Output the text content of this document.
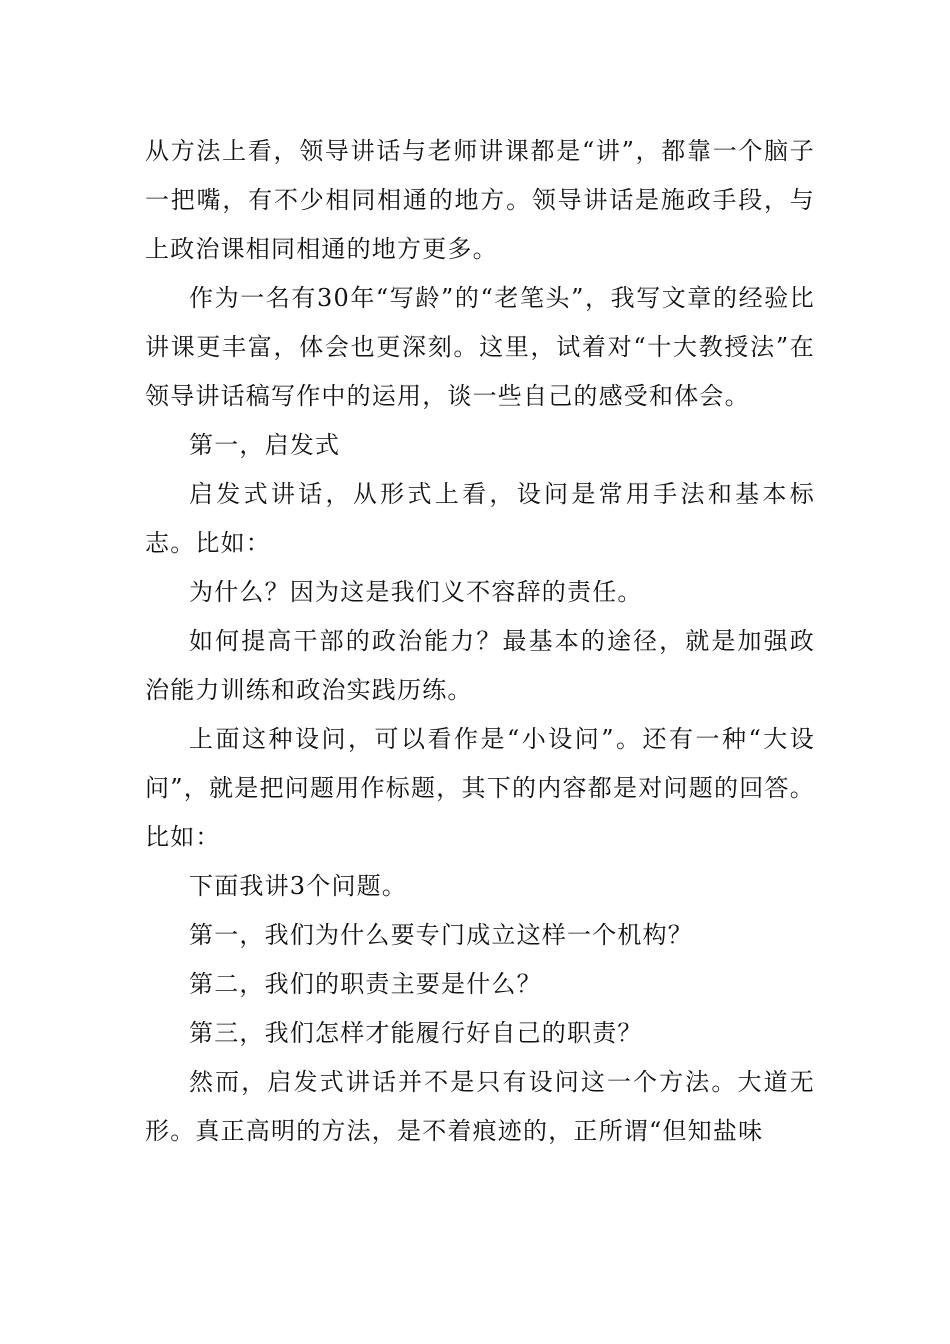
从方法上看，领导讲话与老师讲课都是“讲”，都靠一个脑子一把嘴，有不少相同相通的地方。领导讲话是施政手段，与上政治课相同相通的地方更多。

作为一名有30年“写龄”的“老笔头”，我写文章的经验比讲课更丰富，体会也更深刻。这里，试着对“十大教授法”在领导讲话稿写作中的运用，谈一些自己的感受和体会。

第一，启发式

启发式讲话，从形式上看，设问是常用手法和基本标志。比如：

为什么？因为这是我们义不容辞的责任。

如何提高干部的政治能力？最基本的途径，就是加强政治能力训练和政治实践历练。

上面这种设问，可以看作是“小设问”。还有一种“大设问”，就是把问题用作标题，其下的内容都是对问题的回答。比如：

下面我讲3个问题。

第一，我们为什么要专门成立这样一个机构？

第二，我们的职责主要是什么？

第三，我们怎样才能履行好自己的职责？

然而，启发式讲话并不是只有设问这一个方法。大道无形。真正高明的方法，是不着痕迹的，正所谓“但知盐味
